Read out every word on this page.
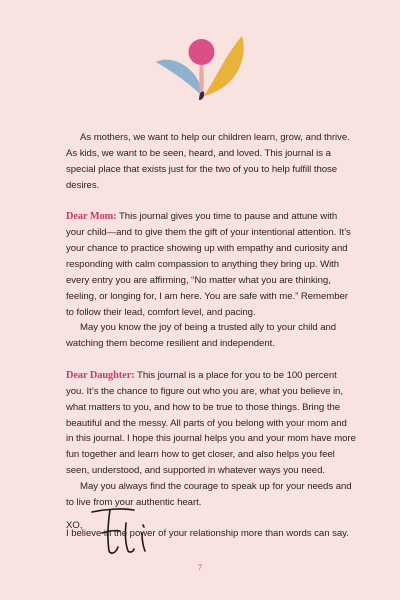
As mothers, we want to help our children learn, grow, and thrive. As kids, we want to be seen, heard, and loved. This journal is a special place that exists just for the two of you to help fulfill those desires.

Dear Mom: This journal gives you time to pause and attune with your child—and to give them the gift of your intentional attention. It’s your chance to practice showing up with empathy and curiosity and responding with calm compassion to anything they bring up. With every entry you are affirming, “No matter what you are thinking, feeling, or longing for, I am here. You are safe with me.” Remember to follow their lead, comfort level, and pacing.

May you know the joy of being a trusted ally to your child and watching them become resilient and independent.

Dear Daughter: This journal is a place for you to be 100 percent you. It’s the chance to figure out who you are, what you believe in, what matters to you, and how to be true to those things. Bring the beautiful and the messy. All parts of you belong with your mom and in this journal. I hope this journal helps you and your mom have more fun together and learn how to get closer, and also helps you feel seen, understood, and supported in whatever ways you need.

May you always find the courage to speak up for your needs and to live from your authentic heart.

I believe in the power of your relationship more than words can say.

XO,
7
